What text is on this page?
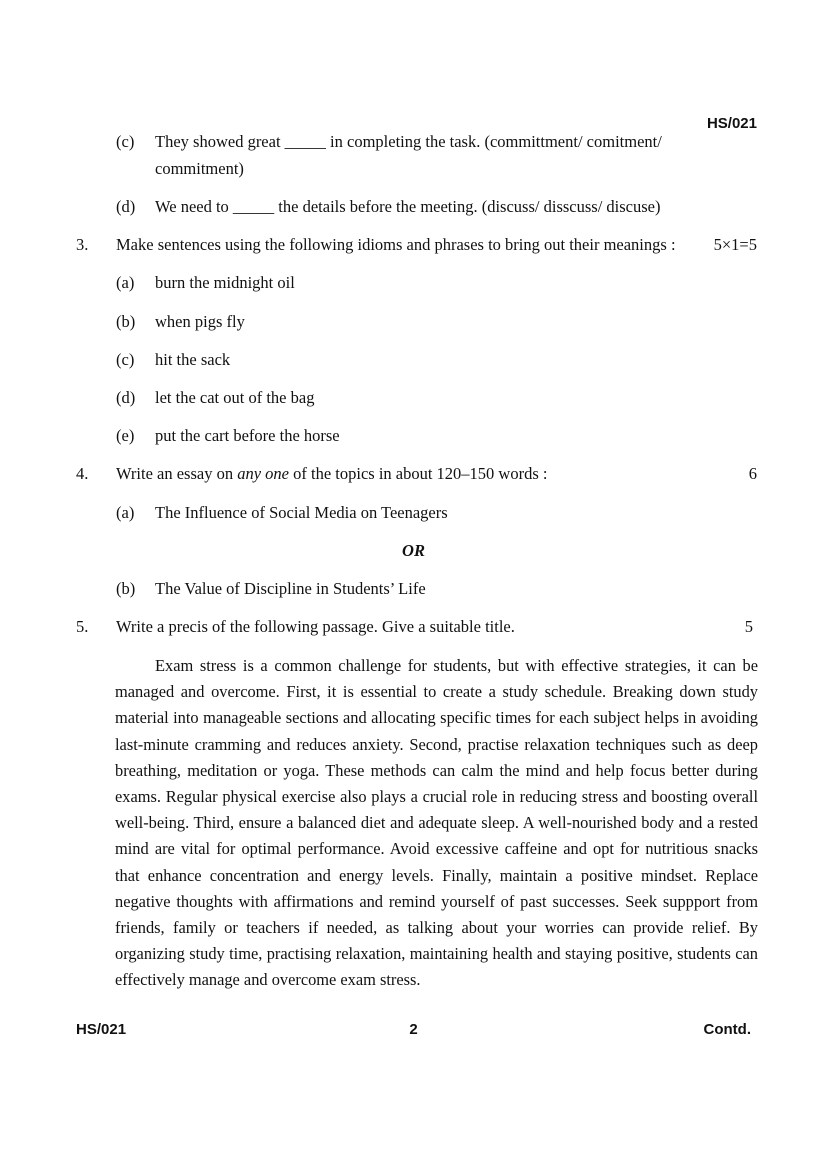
HS/021
(c) They showed great _____ in completing the task. (committment/ comitment/
commitment)
(d) We need to _____ the details before the meeting. (discuss/ disscuss/ discuse)
3. Make sentences using the following idioms and phrases to bring out their meanings : 5×1=5
(a) burn the midnight oil
(b) when pigs fly
(c) hit the sack
(d) let the cat out of the bag
(e) put the cart before the horse
4. Write an essay on any one of the topics in about 120–150 words :	6
(a) The Influence of Social Media on Teenagers
OR
(b) The Value of Discipline in Students’ Life
5. Write a precis of the following passage. Give a suitable title.	5
Exam stress is a common challenge for students, but with effective strategies, it can be managed and overcome. First, it is essential to create a study schedule. Breaking down study material into manageable sections and allocating specific times for each subject helps in avoiding last-minute cramming and reduces anxiety. Second, practise relaxation techniques such as deep breathing, meditation or yoga. These methods can calm the mind and help focus better during exams. Regular physical exercise also plays a crucial role in reducing stress and boosting overall well-being. Third, ensure a balanced diet and adequate sleep. A well-nourished body and a rested mind are vital for optimal performance. Avoid excessive caffeine and opt for nutritious snacks that enhance concentration and energy levels. Finally, maintain a positive mindset. Replace negative thoughts with affirmations and remind yourself of past successes. Seek suppport from friends, family or teachers if needed, as talking about your worries can provide relief. By organizing study time, practising relaxation, maintaining health and staying positive, students can effectively manage and overcome exam stress.
HS/021	2	Contd.
